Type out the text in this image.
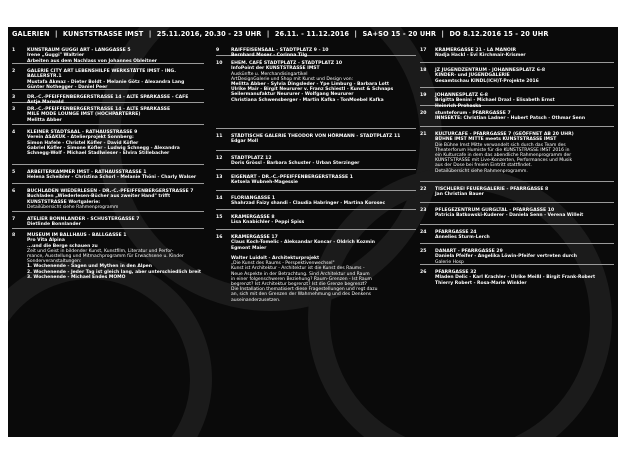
GALERIEN | KUNSTSTRASSE IMST | 25.11.2016, 20.30 - 23 UHR | 26.11. - 11.12.2016 | SA+SO 15 - 20 UHR | DO 8.12.2016 15 - 20 UHR
1	KUNSTRAUM GUGGI ART - LANGGASSE 5
Irene „Guggi" Waltrier
Arbeiten aus dem Nachlass von Johannes Obleitner
2	GALERIE CITY ART LEBENSHILFE WERKSTÄTTE IMST - ING. BALLERSTR.1
Mustafa Akmaz - Dieter Boldt - Melanie Götz - Alexandra Lang
Günter Nothegger - Daniel Peer
3	DR.-C.-PFEIFFENBERGERSTRASSE 14 - ALTE SPARKASSE - CAFE
Antje Marwald
3	DR.-C.-PFEIFFENBERGERSTRASSE 14 - ALTE SPARKASSE
MILE MODE LOUNGE IMST (HOCHPARTERRE)
Melitta Abber
4	KLEINER STADTSAAL - RATHAUSSTRASSE 9
Verein ASAKUK - Atelierprojekt Sonnberg:
Simon Hafele - Christel Köfler - David Köfler
Gabriel Köfler - Simone Köfler - Ludwig Schnegg - Alexandra
Schnegg-Wolf - Michael Stadlwieser - Elvira Stillebacher
5	ARBEITERKAMMER IMST - RATHAUSSTRASSE 1
Helena Scheibler - Christina Schorl - Melanie Thöni - Charly Walser
6	BUCHLADEN WIEDERLESEN - DR.-C.-PFEIFFENBERGERSTRASSE 7
Buchladen „Wiederlesen-Bücher aus zweiter Hand" trifft
KUNSTSTRASSE Wortgalerie:
Detailübersicht siehe Rahmenprogramm
7	ATELIER BONNLANDER - SCHUSTERGASSE 7
Dietlinde Bonnlander
8	MUSEUM IM BALLHAUS - BALLGASSE 1
Pro Vita Alpina
...und die Berge schauen zu
Zeit und Geist in bildender Kunst, Kunstfilm, Literatur und Perfor-
mance, Ausstellung und Mitmachprogramm für Erwachsene u. Kinder
Sonderveranstaltungen:
1. Wochenende - Sagen und Mythen in den Alpen
2. Wochenende - Jeder Tag ist gleich lang, aber unterschiedlich breit
3. Wochenende - Michael Endes MOMO
9	RAIFFEISENSAAL - STADTPLATZ 9 - 10
Bernhard Moser - Corinna Tilg
10 EHEM. CAFÉ STADTPLATZ - STADTPLATZ 10
InfoPoint der KUNSTSTRASSE IMST
Auskünfte u. Merchandisingartikel
ArtDesignGalerie und Shop mit Kunst und Design von:
Melitta Abber - Sylvia Dingsleder - Ype Limburg - Barbara Lott
Ulrike Mair - Birgit Neururer v. Franz Schiestl - Kunst & Schnaps
Seilermanufaktur Neururer - Wolfgang Neururer
Christiana Schwensberger - Martin Kafka - TonMoebel Kafka
11 STÄDTISCHE GALERIE THEODOR VON HÖRMANN - STADTPLATZ 11
Edgar Moll
12 STADTPLATZ 12
Doris Grössl - Barbara Schuster - Urban Sterzinger
13 EIGENART - DR.-C.-PFEIFFENBERGERSTRASSE 1
Ketsela Wubneh-Magessie
14 FLORIANGASSE 1
Shahrzad Faizy shandi - Claudia Habringer - Martina Korosec
15 KRAMERGASSE 8
Lisa Knabichler - Peppi Spiss
16 KRAMERGASSE 17
Claus Koch-Tomelic - Aleksandar Koncar - Oldrich Kozmin
Egmont Maier

Walter Luidolt - Architekturprojekt
„Die Kunst des Raums - Perspektivenwechsel"
Kunst ist Architektur - Architektur ist die Kunst des Raums -
Neue Aspekte in der Betrachtung. Sind Architektur und Raum
in einer folgenschweren Beziehung? Raum-Grenzen - Ist Raum
begrenzt? Ist Architektur begrenzt? Ist die Grenze begrenzt?
Die Installation thematisiert diese Fragestellungen und regt dazu
an, sich mit den Grenzen der Wahrnehmung und des Denkens
auseinanderzusetzen.
17 KRAMERGASSE 21 - LA MANOIR
Nadja Hackl - Evi Kirchmair-Krismer
18 JZ JUGENDZENTRUM - JOHANNESPLATZ 6-8
KINDER- und JUGENDGALERIE
Gesamtschau KINDL(ICH)T-Projekte 2016
19 JOHANNESPLATZ 6-8
Brigitta Benini - Michael Draxl - Elisabeth Ernst
Heinrich Prohaska
20 stunteforum - PFARRGASSE 7
INNSEKTE: Christian Ladner - Hubert Patsch - Othmar Senn
21 KULTURCAFE - PFARRGASSE 7 (GEÖFFNET AB 20 UHR)
BÜHNE IMST MITTE meets KUNSTSTRASSE IMST
Die Bühne Imst Mitte verwandelt sich durch das Team des
Theaterforum Humiste für die KUNSTSTRASSE IMST 2016 in
ein Kulturcafe in dem das abendliche Rahmenprogramm der
KUNSTSTRASSE mit Live-Konzerten, Performances und Musik
aus der Dose bei freiem Eintritt stattfindet.
Detailübersicht siehe Rahmenprogramm.
22 TISCHLEREI FEUERGALERIE - PFARRGASSE 8
Jan Christian Bauer
23 PFLEGEZENTRUM GURGLTAL - PFARRGASSE 10
Patricia Batkowski-Kuderer - Daniela Senn - Verena Willeit
24 PFARRGASSE 24
Annelies Sturm-Lerch
25 DANART - PFARRGASSE 29
Daniela Pfeifer - Angelika Löwin-Pfeifer vertreten durch
Galerie Hosp
26 PFARRGASSE 32
Mladen Delic - Karl Krachler - Ulrike Meißl - Birgit Frank-Robert
Thierry Robert - Rosa-Marie Winkler
